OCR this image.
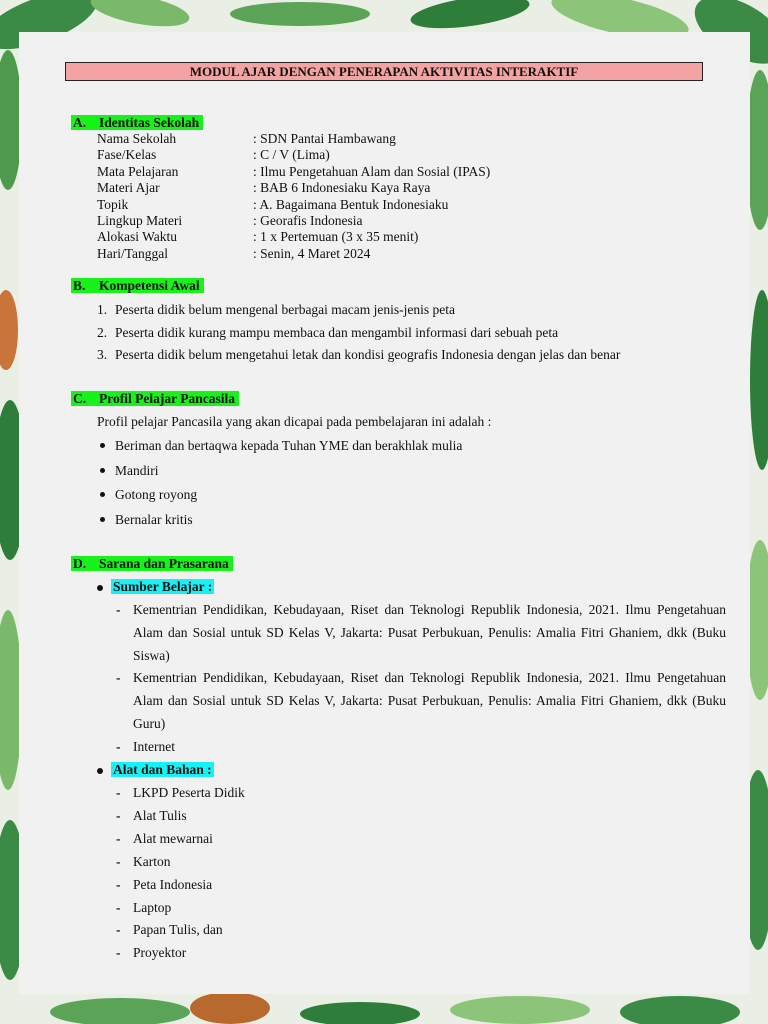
MODUL AJAR DENGAN PENERAPAN AKTIVITAS INTERAKTIF
A. Identitas Sekolah
Nama Sekolah	: SDN Pantai Hambawang
Fase/Kelas	: C / V (Lima)
Mata Pelajaran	: Ilmu Pengetahuan Alam dan Sosial (IPAS)
Materi Ajar	: BAB 6 Indonesiaku Kaya Raya
Topik	: A. Bagaimana Bentuk Indonesiaku
Lingkup Materi	: Georafis Indonesia
Alokasi Waktu	: 1 x Pertemuan (3 x 35 menit)
Hari/Tanggal	: Senin, 4 Maret 2024
B. Kompetensi Awal
1. Peserta didik belum mengenal berbagai macam jenis-jenis peta
2. Peserta didik kurang mampu membaca dan mengambil informasi dari sebuah peta
3. Peserta didik belum mengetahui letak dan kondisi geografis Indonesia dengan jelas dan benar
C. Profil Pelajar Pancasila
Profil pelajar Pancasila yang akan dicapai pada pembelajaran ini adalah :
Beriman dan bertaqwa kepada Tuhan YME dan berakhlak mulia
Mandiri
Gotong royong
Bernalar kritis
D. Sarana dan Prasarana
Sumber Belajar :
- Kementrian Pendidikan, Kebudayaan, Riset dan Teknologi Republik Indonesia, 2021. Ilmu Pengetahuan Alam dan Sosial untuk SD Kelas V, Jakarta: Pusat Perbukuan, Penulis: Amalia Fitri Ghaniem, dkk (Buku Siswa)
- Kementrian Pendidikan, Kebudayaan, Riset dan Teknologi Republik Indonesia, 2021. Ilmu Pengetahuan Alam dan Sosial untuk SD Kelas V, Jakarta: Pusat Perbukuan, Penulis: Amalia Fitri Ghaniem, dkk (Buku Guru)
- Internet
Alat dan Bahan :
- LKPD Peserta Didik
- Alat Tulis
- Alat mewarnai
- Karton
- Peta Indonesia
- Laptop
- Papan Tulis, dan
- Proyektor
